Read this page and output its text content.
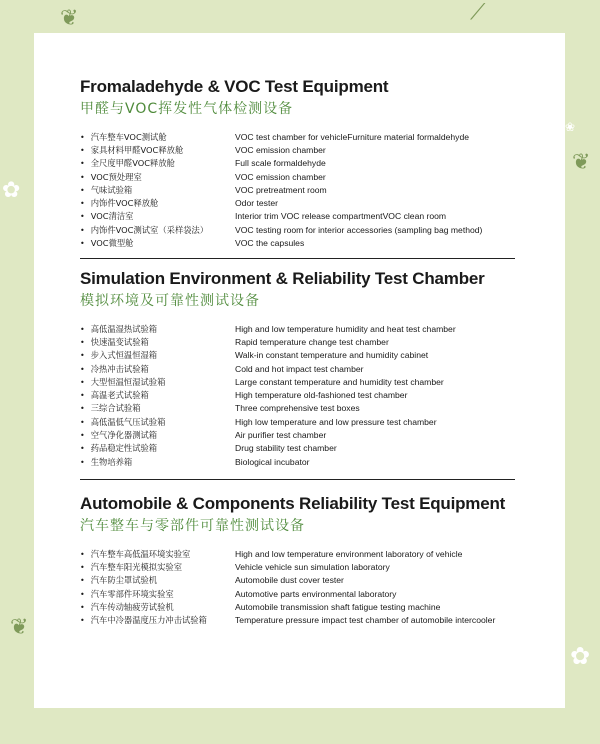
❦	⟋
❦
❦
✿
✿
❀
Fromaladehyde & VOC Test Equipment
甲醛与VOC挥发性气体检测设备
• 汽车整车VOC测试舱	VOC test chamber for vehicleFurniture material formaldehyde
• 家具材料甲醛VOC释放舱	VOC emission chamber
• 全尺度甲醛VOC释放舱	Full scale formaldehyde
• VOC预处理室	VOC emission chamber
• 气味试验箱	VOC pretreatment room
• 内饰件VOC释放舱	Odor tester
• VOC清洁室	Interior trim VOC release compartmentVOC clean room
• 内饰件VOC测试室（采样袋法）	VOC testing room for interior accessories (sampling bag method)
• VOC微型舱	VOC the capsules
Simulation Environment & Reliability Test Chamber
模拟环境及可靠性测试设备
• 高低温湿热试验箱	High and low temperature humidity and heat test chamber
• 快速温变试验箱	Rapid temperature change test chamber
• 步入式恒温恒湿箱	Walk-in constant temperature and humidity cabinet
• 冷热冲击试验箱	Cold and hot impact test chamber
• 大型恒温恒湿试验箱	Large constant temperature and humidity test chamber
• 高温老式试验箱	High temperature old-fashioned test chamber
• 三综合试验箱	Three comprehensive test boxes
• 高低温低气压试验箱	High low temperature and low pressure test chamber
• 空气净化器测试箱	Air purifier test chamber
• 药品稳定性试验箱	Drug stability test chamber
• 生物培养箱	Biological incubator
Automobile & Components Reliability Test Equipment
汽车整车与零部件可靠性测试设备
• 汽车整车高低温环境实验室	High and low temperature environment laboratory of vehicle
• 汽车整车阳光模拟实验室	Vehicle vehicle sun simulation laboratory
• 汽车防尘罩试验机	Automobile dust cover tester
• 汽车零部件环境实验室	Automotive parts environmental laboratory
• 汽车传动轴疲劳试验机	Automobile transmission shaft fatigue testing machine
• 汽车中冷器温度压力冲击试验箱	Temperature pressure impact test chamber of automobile intercooler
